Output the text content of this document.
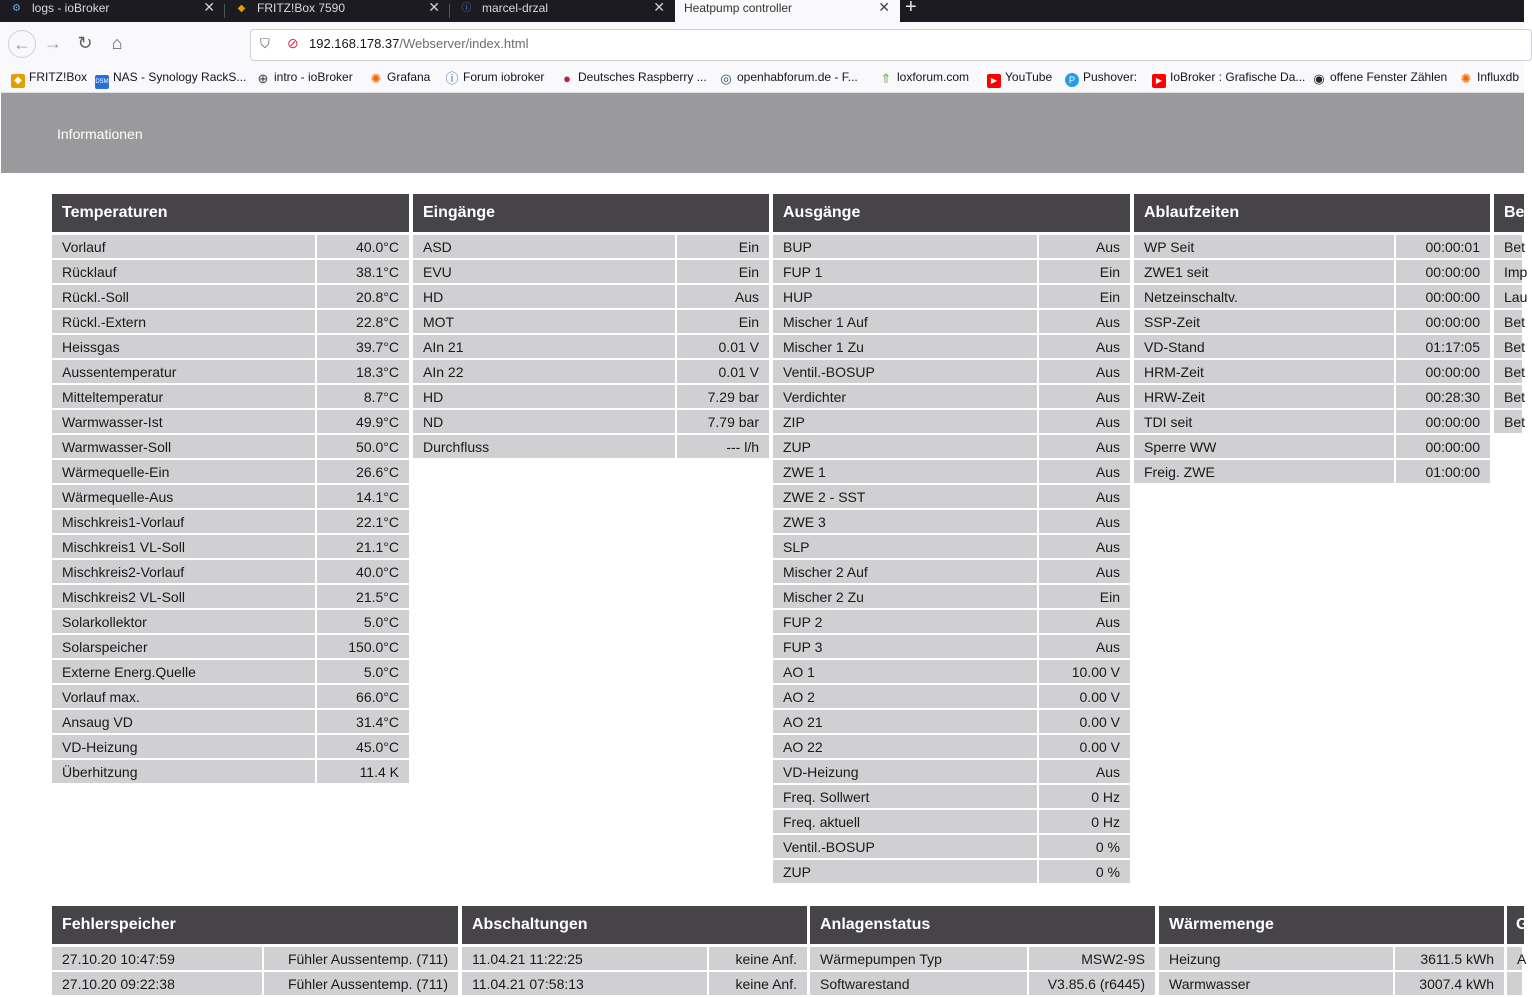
⚙ logs - ioBroker	✕ ◆ FRITZ!Box 7590	✕ ⓘ marcel-drzal	✕ Heatpump controller	✕ +
← → ↻	⌂	⛉ ⊘ 192.168.178.37/Webserver/index.html
◆ FRITZ!Box DSM NAS - Synology RackS... ⊕ intro - ioBroker ✺ Grafana ⓘ Forum iobroker ● Deutsches Raspberry ... ◎ openhabforum.de - F... ⇑ loxforum.com	▶ YouTube	P Pushover:	▶ IoBroker : Grafische Da... ◉ offene Fenster Zählen ✺ Influxdb
Informationen
Temperaturen
Vorlauf	40.0°C
Rücklauf	38.1°C
Rückl.-Soll	20.8°C
Rückl.-Extern	22.8°C
Heissgas	39.7°C
Aussentemperatur	18.3°C
Mitteltemperatur	8.7°C
Warmwasser-Ist	49.9°C
Warmwasser-Soll	50.0°C
Wärmequelle-Ein	26.6°C
Wärmequelle-Aus	14.1°C
Mischkreis1-Vorlauf	22.1°C
Mischkreis1 VL-Soll	21.1°C
Mischkreis2-Vorlauf	40.0°C
Mischkreis2 VL-Soll	21.5°C
Solarkollektor	5.0°C
Solarspeicher	150.0°C
Externe Energ.Quelle	5.0°C
Vorlauf max.	66.0°C
Ansaug VD	31.4°C
VD-Heizung	45.0°C
Überhitzung	11.4 K
Eingänge
ASD	Ein
EVU	Ein
HD	Aus
MOT	Ein
AIn 21	0.01 V
AIn 22	0.01 V
HD	7.29 bar
ND	7.79 bar
Durchfluss	--- l/h
Ausgänge
BUP	Aus
FUP 1	Ein
HUP	Ein
Mischer 1 Auf	Aus
Mischer 1 Zu	Aus
Ventil.-BOSUP	Aus
Verdichter	Aus
ZIP	Aus
ZUP	Aus
ZWE 1	Aus
ZWE 2 - SST	Aus
ZWE 3	Aus
SLP	Aus
Mischer 2 Auf	Aus
Mischer 2 Zu	Ein
FUP 2	Aus
FUP 3	Aus
AO 1	10.00 V
AO 2	0.00 V
AO 21	0.00 V
AO 22	0.00 V
VD-Heizung	Aus
Freq. Sollwert	0 Hz
Freq. aktuell	0 Hz
Ventil.-BOSUP	0 %
ZUP	0 %
Ablaufzeiten
WP Seit	00:00:01
ZWE1 seit	00:00:00
Netzeinschaltv.	00:00:00
SSP-Zeit	00:00:00
VD-Stand	01:17:05
HRM-Zeit	00:00:00
HRW-Zeit	00:28:30
TDI seit	00:00:00
Sperre WW	00:00:00
Freig. ZWE	01:00:00
Be
Bet
Imp
Lau
Bet
Bet
Bet
Bet
Bet
Fehlerspeicher
27.10.20 10:47:59	Fühler Aussentemp. (711)
27.10.20 09:22:38	Fühler Aussentemp. (711)
Abschaltungen
11.04.21 11:22:25	keine Anf.
11.04.21 07:58:13	keine Anf.
Anlagenstatus
Wärmepumpen Typ	MSW2-9S
Softwarestand	V3.85.6 (r6445)
Wärmemenge
Heizung	3611.5 kWh
Warmwasser	3007.4 kWh
G
A
